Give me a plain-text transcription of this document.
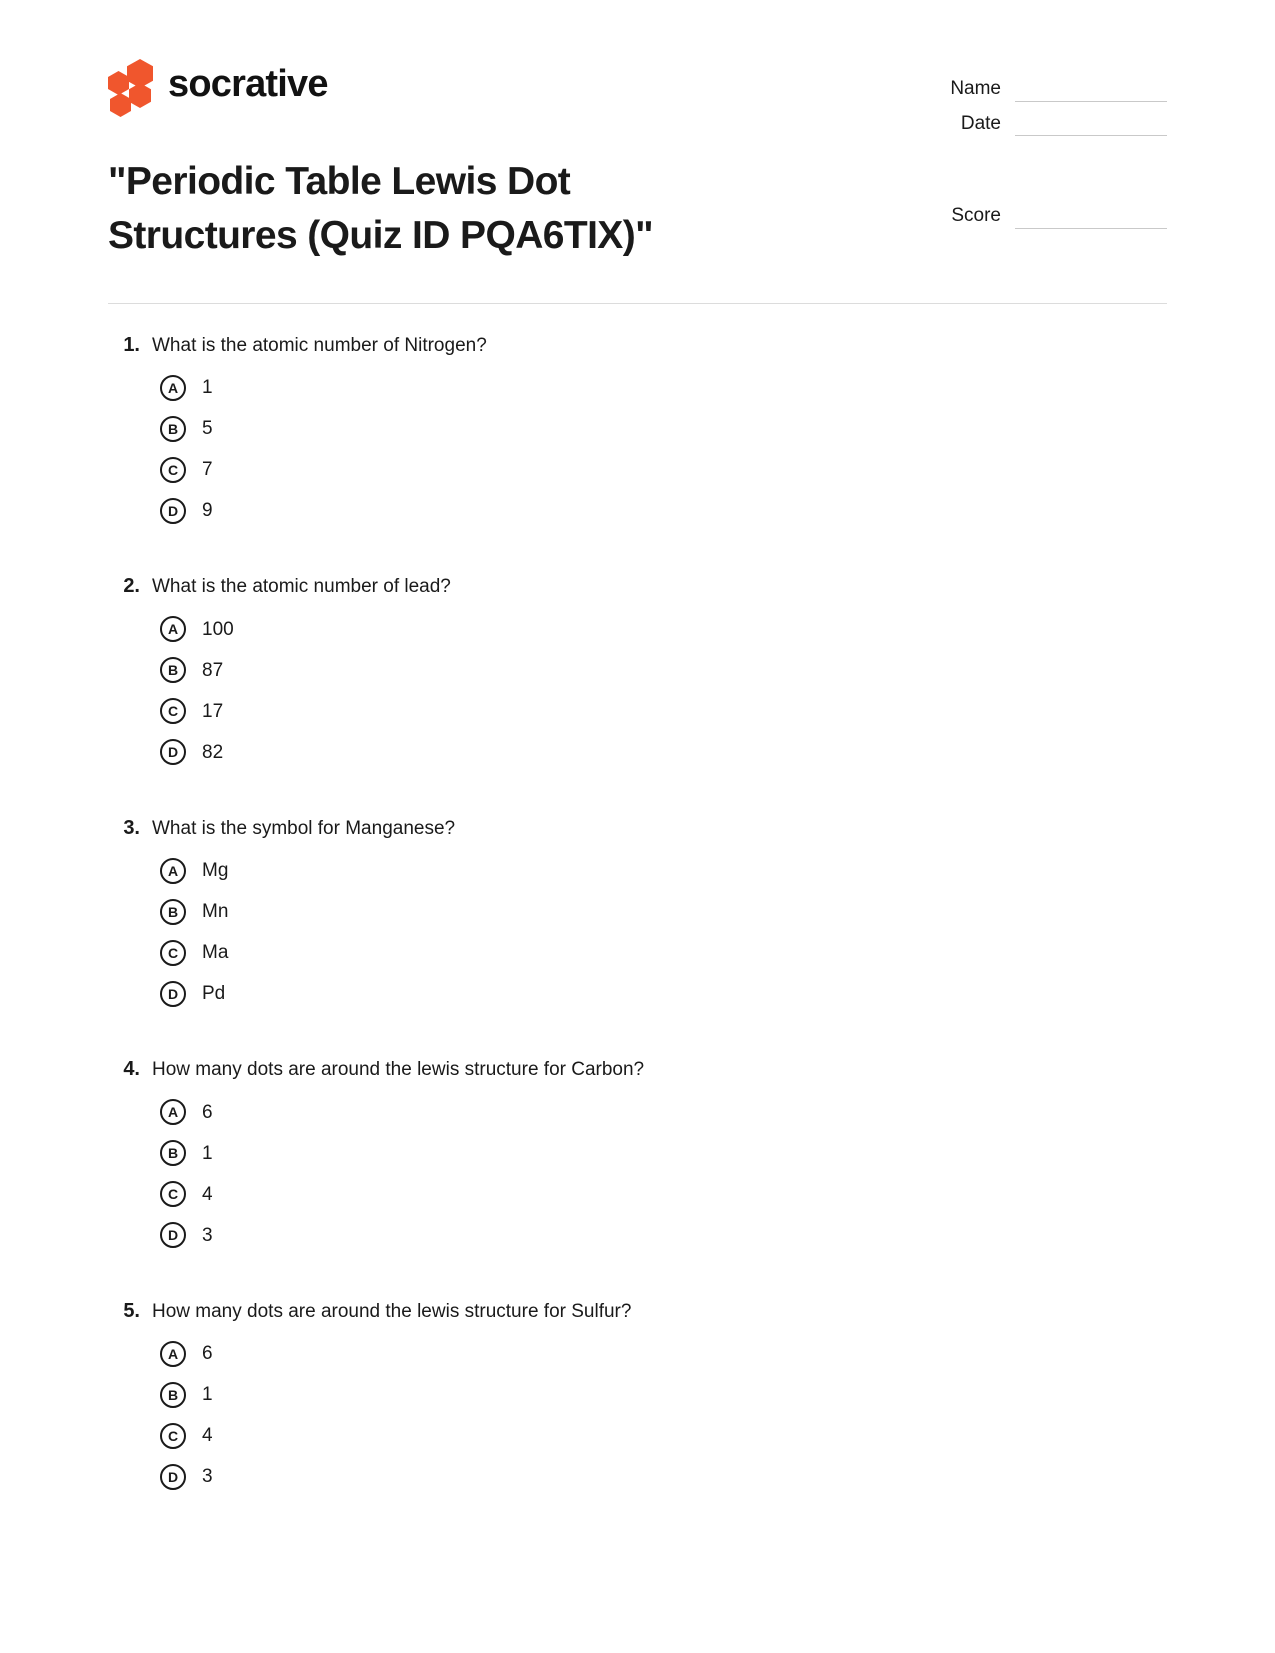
socrative
"Periodic Table Lewis Dot Structures (Quiz ID PQA6TIX)"
Name
Date
Score
1. What is the atomic number of Nitrogen?
A	1
B	5
C	7
D	9
2. What is the atomic number of lead?
A	100
B	87
C	17
D	82
3. What is the symbol for Manganese?
A	Mg
B	Mn
C	Ma
D	Pd
4. How many dots are around the lewis structure for Carbon?
A	6
B	1
C	4
D	3
5. How many dots are around the lewis structure for Sulfur?
A	6
B	1
C	4
D	3
